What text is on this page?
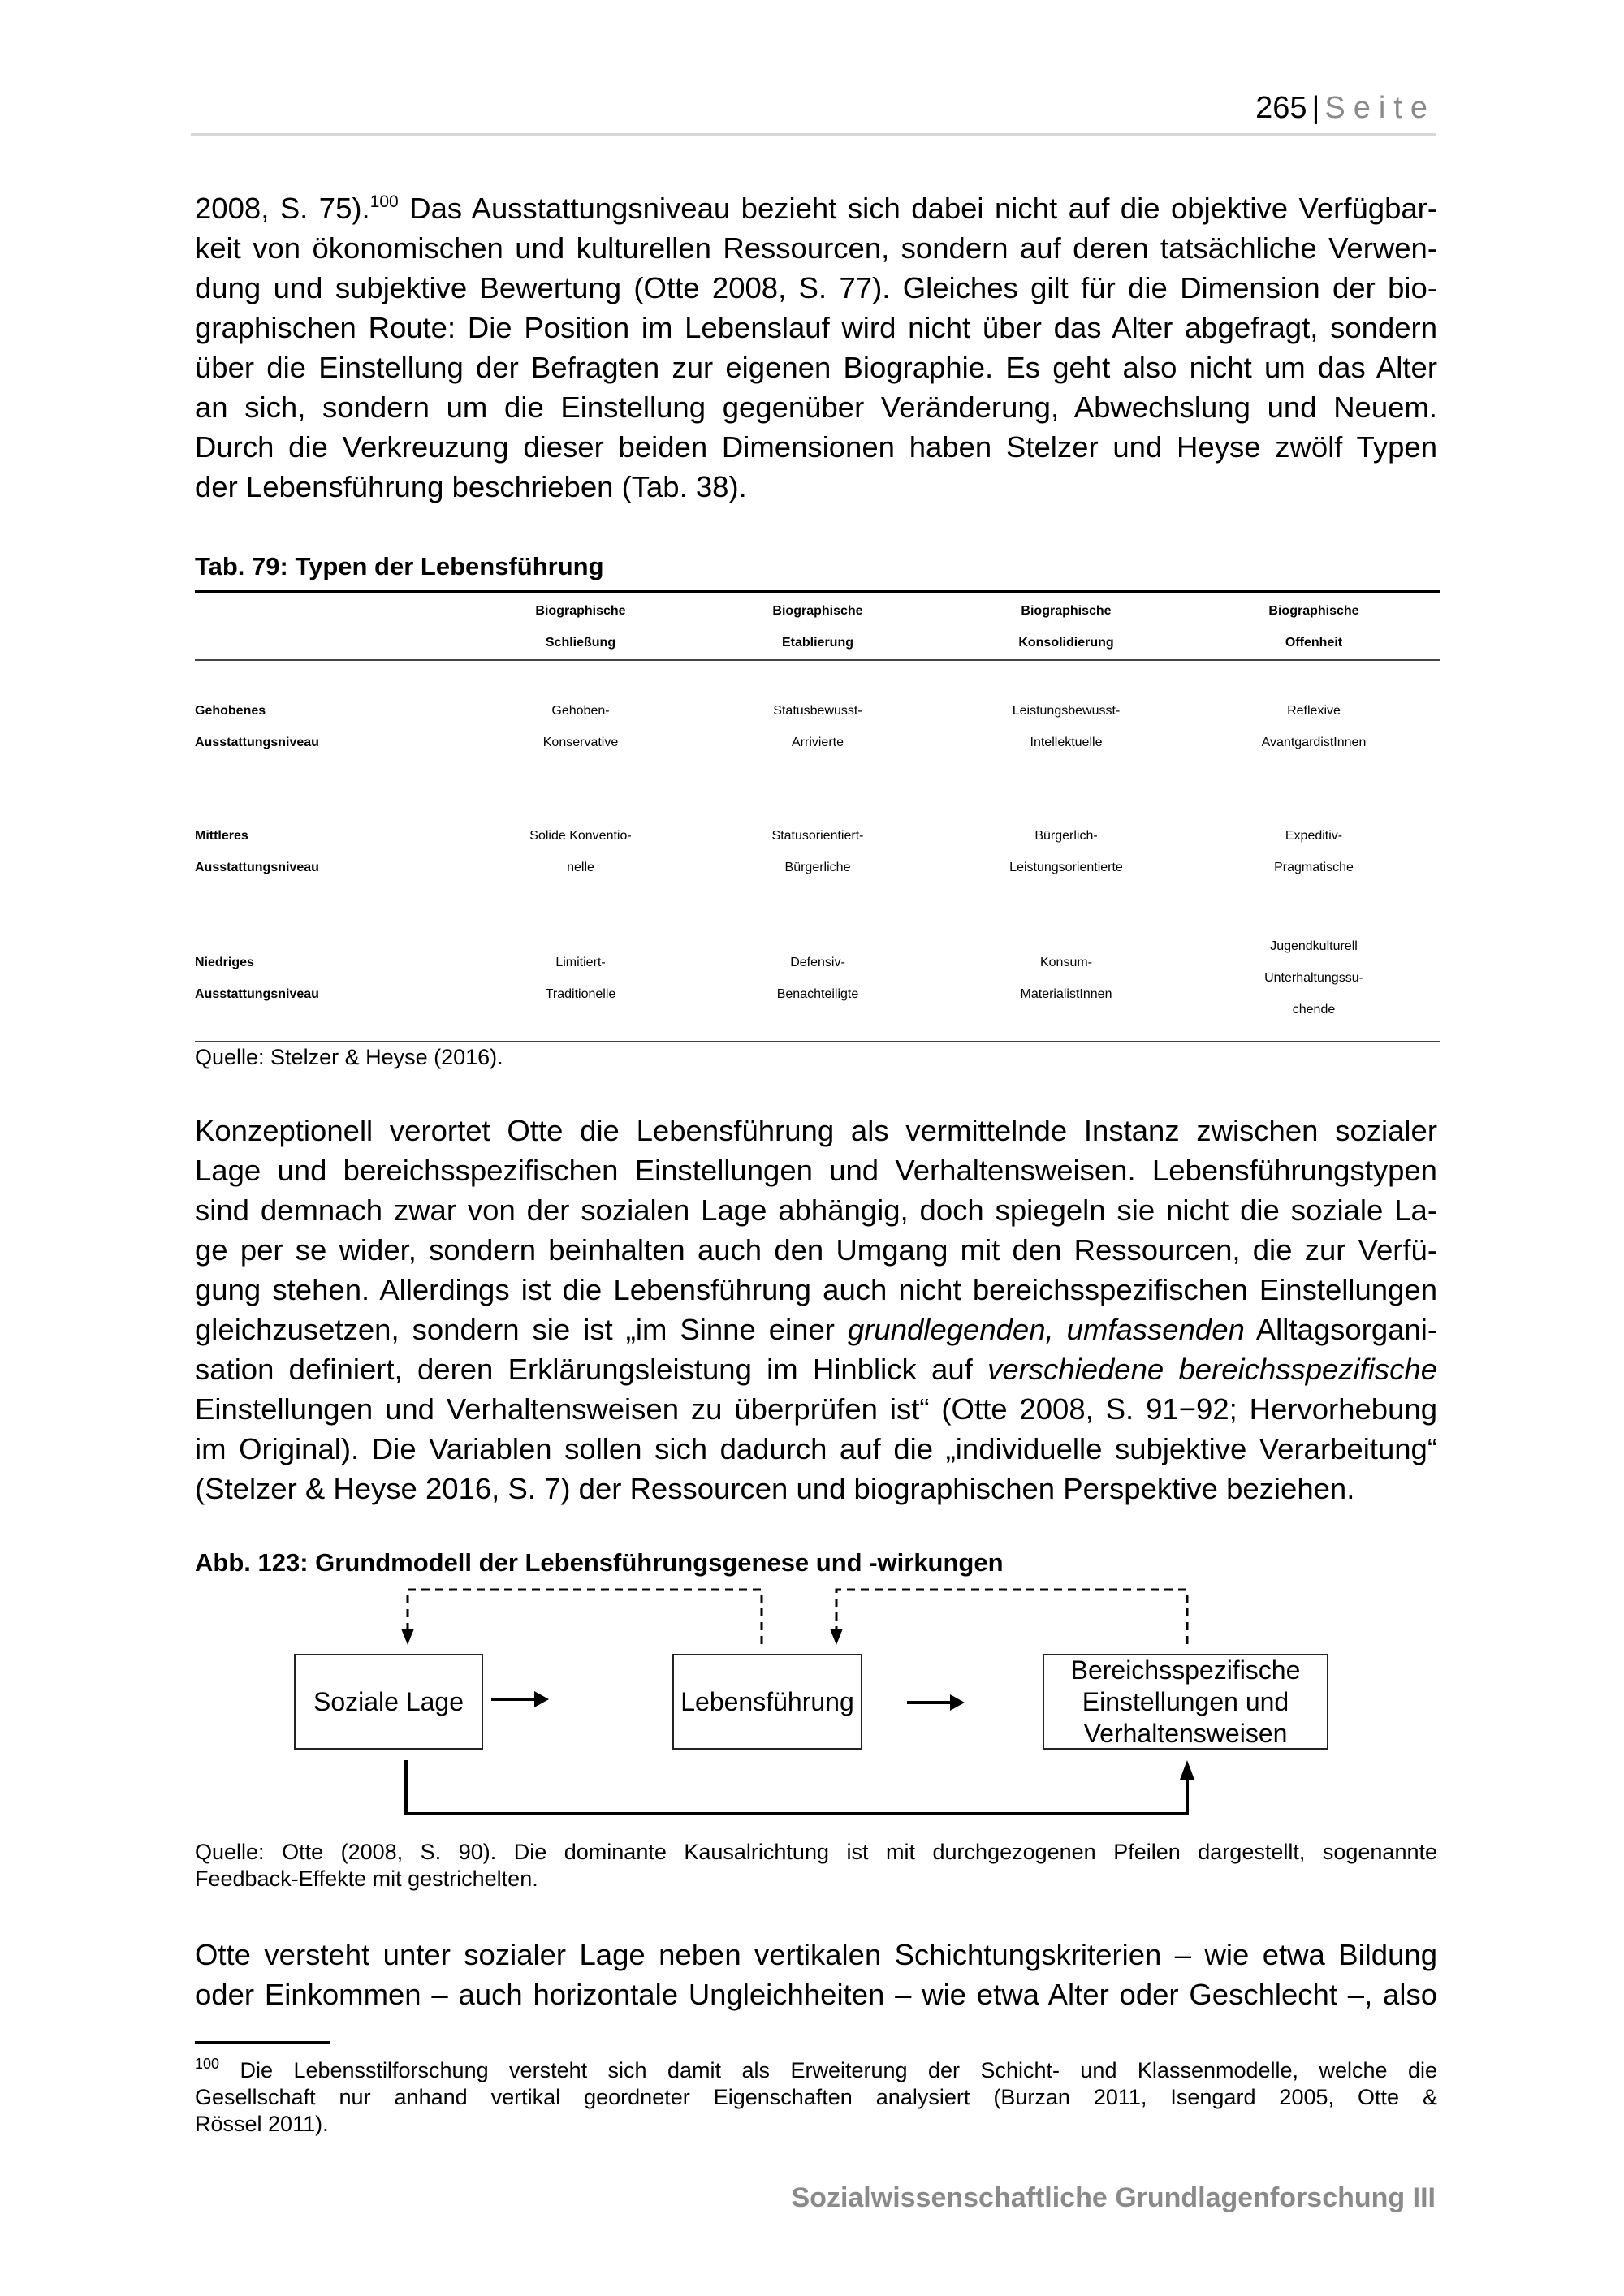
265 | Seite
2008, S. 75).$^{100}$ Das Ausstattungsniveau bezieht sich dabei nicht auf die objektive Verfügbar-
keit von ökonomischen und kulturellen Ressourcen, sondern auf deren tatsächliche Verwen-
dung und subjektive Bewertung (Otte 2008, S. 77). Gleiches gilt für die Dimension der bio-
graphischen Route: Die Position im Lebenslauf wird nicht über das Alter abgefragt, sondern
über die Einstellung der Befragten zur eigenen Biographie. Es geht also nicht um das Alter
an sich, sondern um die Einstellung gegenüber Veränderung, Abwechslung und Neuem.
Durch die Verkreuzung dieser beiden Dimensionen haben Stelzer und Heyse zwölf Typen
der Lebensführung beschrieben (Tab. 38).
Tab. 79: Typen der Lebensführung
Biographische
Schließung
Biographische
Etablierung
Biographische
Konsolidierung
Biographische
Offenheit
Gehobenes
Ausstattungsniveau
Gehoben-
Konservative
Statusbewusst-
Arrivierte
Leistungsbewusst-
Intellektuelle
Reflexive
AvantgardistInnen
Mittleres
Ausstattungsniveau
Solide Konventio-
nelle
Statusorientiert-
Bürgerliche
Bürgerlich-
Leistungsorientierte
Expeditiv-
Pragmatische
Niedriges
Ausstattungsniveau
Limitiert-
Traditionelle
Defensiv-
Benachteiligte
Konsum-
MaterialistInnen
Jugendkulturell
Unterhaltungssu-
chende
Quelle: Stelzer & Heyse (2016).
Konzeptionell verortet Otte die Lebensführung als vermittelnde Instanz zwischen sozialer
Lage und bereichsspezifischen Einstellungen und Verhaltensweisen. Lebensführungstypen
sind demnach zwar von der sozialen Lage abhängig, doch spiegeln sie nicht die soziale La-
ge per se wider, sondern beinhalten auch den Umgang mit den Ressourcen, die zur Verfü-
gung stehen. Allerdings ist die Lebensführung auch nicht bereichsspezifischen Einstellungen
gleichzusetzen, sondern sie ist „im Sinne einer grundlegenden, umfassenden Alltagsorgani-
sation definiert, deren Erklärungsleistung im Hinblick auf verschiedene bereichsspezifische
Einstellungen und Verhaltensweisen zu überprüfen ist“ (Otte 2008, S. 91−92; Hervorhebung
im Original). Die Variablen sollen sich dadurch auf die „individuelle subjektive Verarbeitung“
(Stelzer & Heyse 2016, S. 7) der Ressourcen und biographischen Perspektive beziehen.
Abb. 123: Grundmodell der Lebensführungsgenese und -wirkungen
Soziale Lage	Lebensführung
Bereichsspezifische
Einstellungen und
Verhaltensweisen
Quelle: Otte (2008, S. 90). Die dominante Kausalrichtung ist mit durchgezogenen Pfeilen dargestellt, sogenannte
Feedback-Effekte mit gestrichelten.
Otte versteht unter sozialer Lage neben vertikalen Schichtungskriterien – wie etwa Bildung
oder Einkommen – auch horizontale Ungleichheiten – wie etwa Alter oder Geschlecht –, also
$^{100}$ Die Lebensstilforschung versteht sich damit als Erweiterung der Schicht- und Klassenmodelle, welche die
Gesellschaft nur anhand vertikal geordneter Eigenschaften analysiert (Burzan 2011, Isengard 2005, Otte &
Rössel 2011).
Sozialwissenschaftliche Grundlagenforschung III
